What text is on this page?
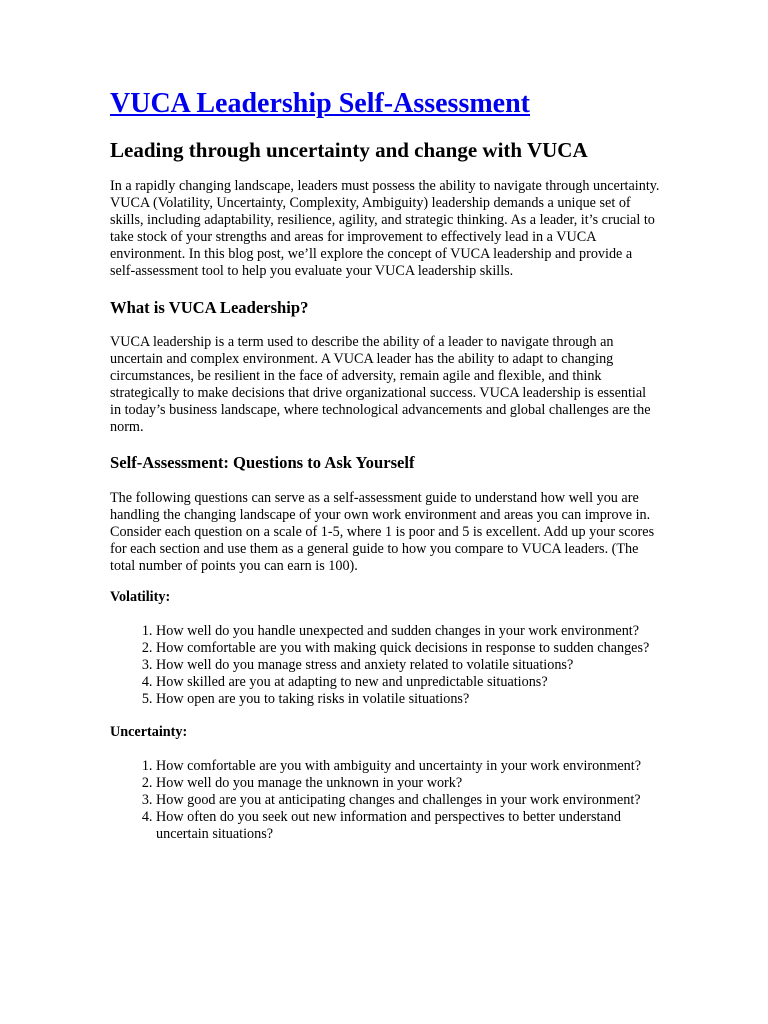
VUCA Leadership Self-Assessment
Leading through uncertainty and change with VUCA

In a rapidly changing landscape, leaders must possess the ability to navigate through uncertainty. VUCA (Volatility, Uncertainty, Complexity, Ambiguity) leadership demands a unique set of skills, including adaptability, resilience, agility, and strategic thinking. As a leader, it’s crucial to take stock of your strengths and areas for improvement to effectively lead in a VUCA environment. In this blog post, we’ll explore the concept of VUCA leadership and provide a self-assessment tool to help you evaluate your VUCA leadership skills.

What is VUCA Leadership?

VUCA leadership is a term used to describe the ability of a leader to navigate through an uncertain and complex environment. A VUCA leader has the ability to adapt to changing circumstances, be resilient in the face of adversity, remain agile and flexible, and think strategically to make decisions that drive organizational success. VUCA leadership is essential in today’s business landscape, where technological advancements and global challenges are the norm.

Self-Assessment: Questions to Ask Yourself

The following questions can serve as a self-assessment guide to understand how well you are handling the changing landscape of your own work environment and areas you can improve in. Consider each question on a scale of 1-5, where 1 is poor and 5 is excellent. Add up your scores for each section and use them as a general guide to how you compare to VUCA leaders. (The total number of points you can earn is 100).

Volatility:
1. How well do you handle unexpected and sudden changes in your work environment?
2. How comfortable are you with making quick decisions in response to sudden changes?
3. How well do you manage stress and anxiety related to volatile situations?
4. How skilled are you at adapting to new and unpredictable situations?
5. How open are you to taking risks in volatile situations?
Uncertainty:
1. How comfortable are you with ambiguity and uncertainty in your work environment?
2. How well do you manage the unknown in your work?
3. How good are you at anticipating changes and challenges in your work environment?
4. How often do you seek out new information and perspectives to better understand uncertain situations?
